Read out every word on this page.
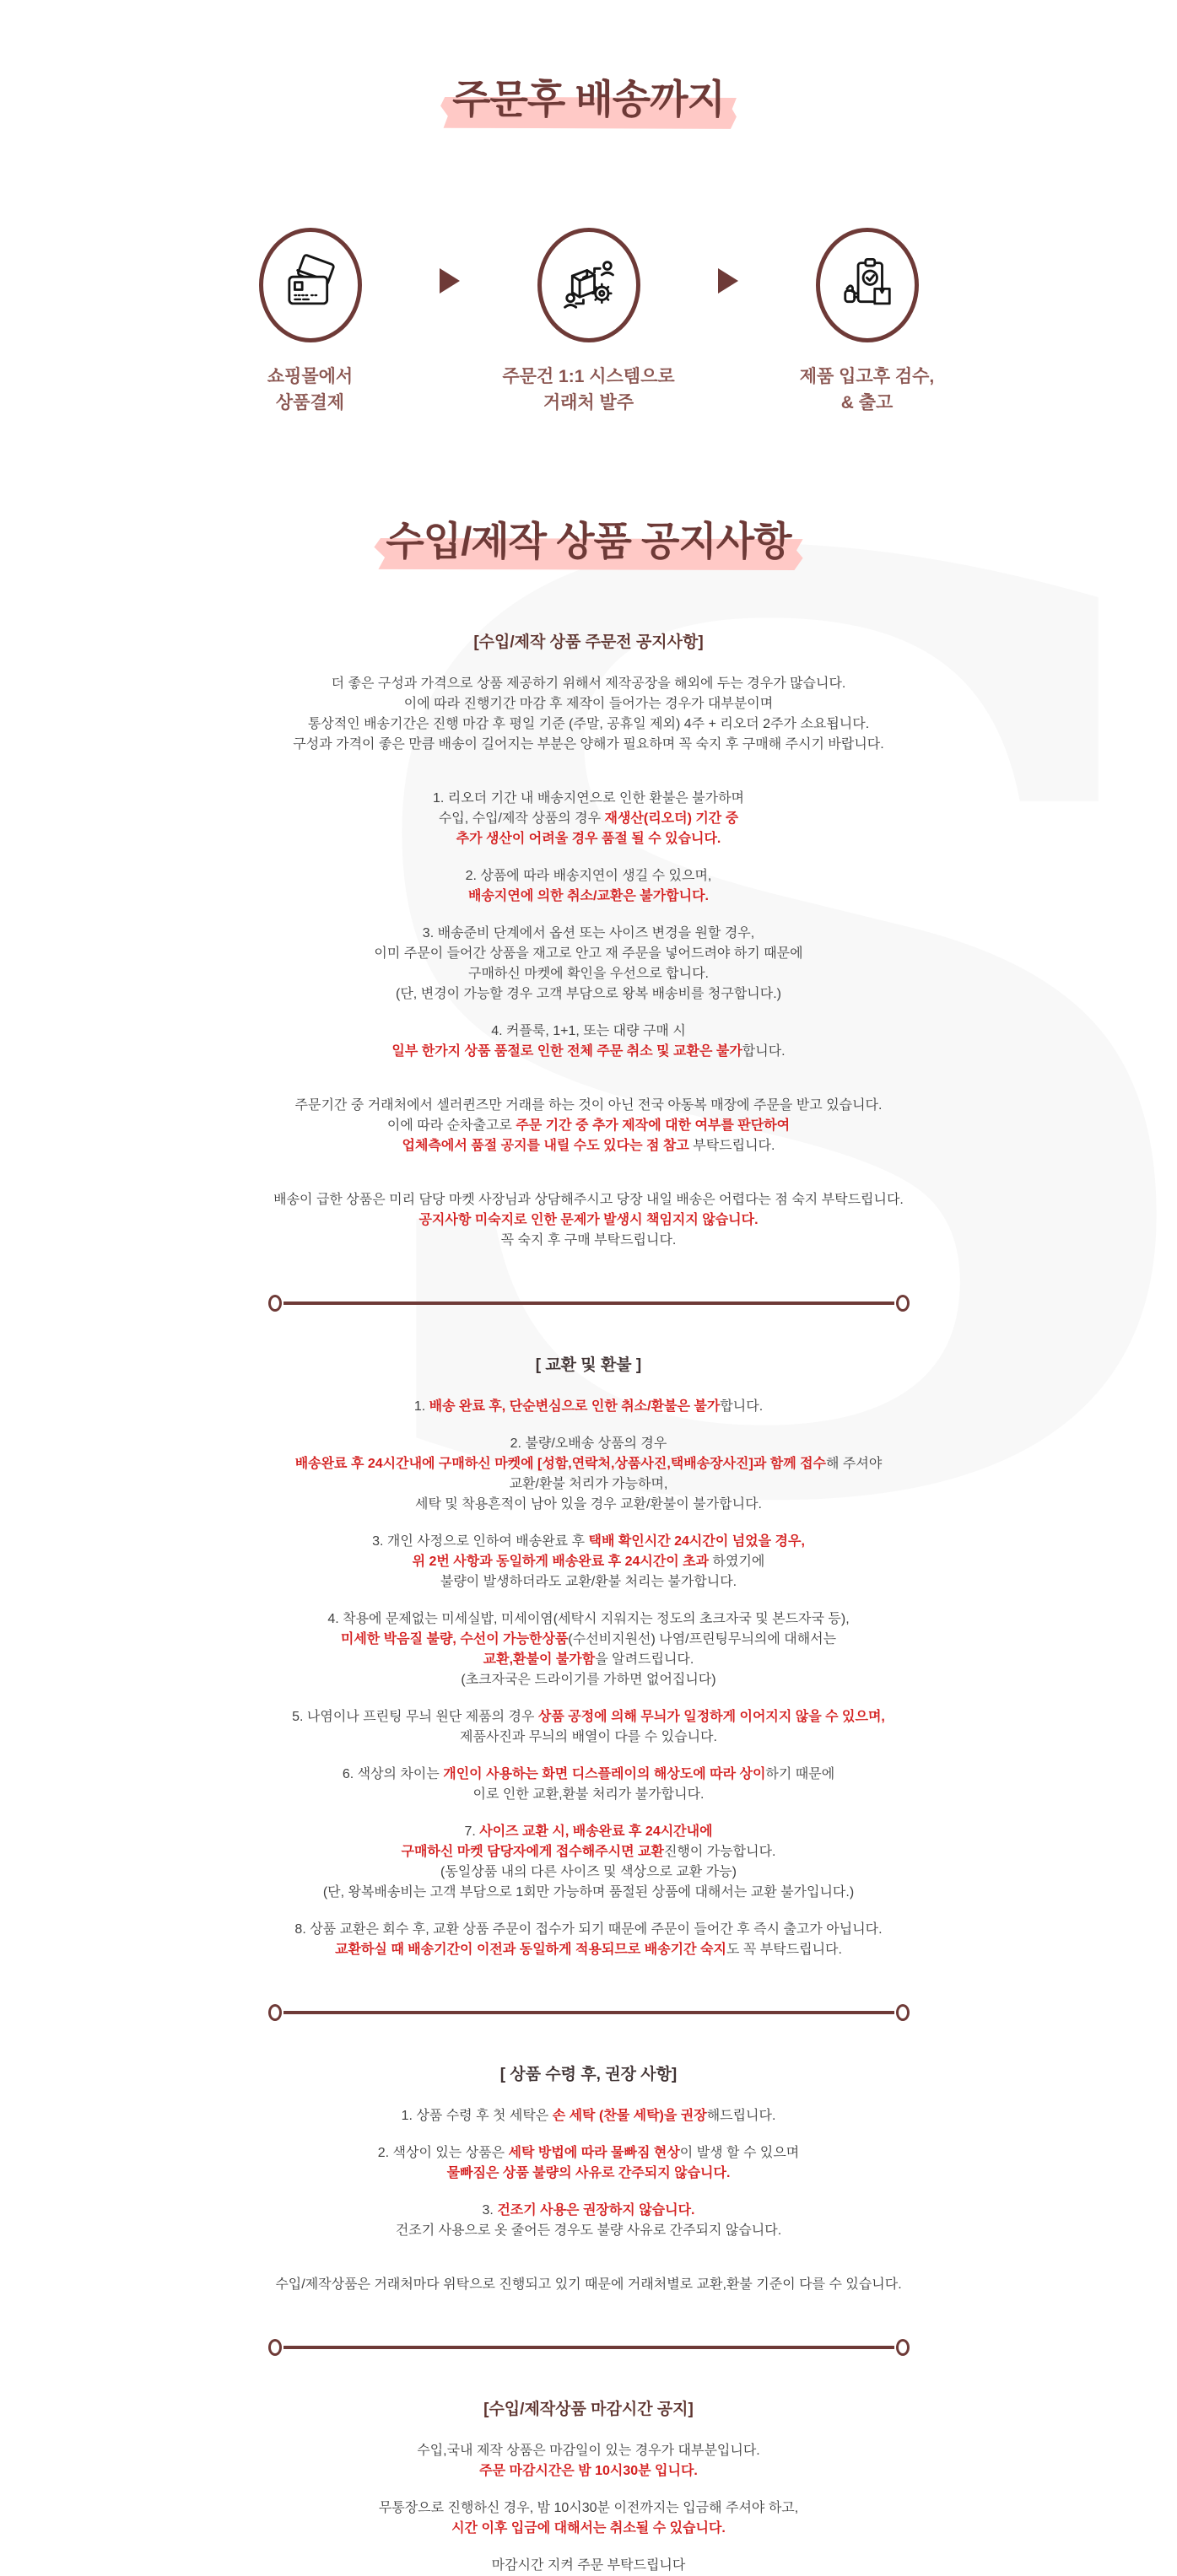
주문후 배송까지
쇼핑몰에서
상품결제
주문건 1:1 시스템으로
거래처 발주
제품 입고후 검수,
& 출고
수입/제작 상품 공지사항
[수입/제작 상품 주문전 공지사항]

더 좋은 구성과 가격으로 상품 제공하기 위해서 제작공장을 해외에 두는 경우가 많습니다.
이에 따라 진행기간 마감 후 제작이 들어가는 경우가 대부분이며
통상적인 배송기간은 진행 마감 후 평일 기준 (주말, 공휴일 제외) 4주 + 리오더 2주가 소요됩니다.
구성과 가격이 좋은 만큼 배송이 길어지는 부분은 양해가 필요하며 꼭 숙지 후 구매해 주시기 바랍니다.

1. 리오더 기간 내 배송지연으로 인한 환불은 불가하며
수입, 수입/제작 상품의 경우 재생산(리오더) 기간 중
추가 생산이 어려울 경우 품절 될 수 있습니다.

2. 상품에 따라 배송지연이 생길 수 있으며,
배송지연에 의한 취소/교환은 불가합니다.

3. 배송준비 단계에서 옵션 또는 사이즈 변경을 원할 경우,
이미 주문이 들어간 상품을 재고로 안고 재 주문을 넣어드려야 하기 때문에
구매하신 마켓에 확인을 우선으로 합니다.
(단, 변경이 가능할 경우 고객 부담으로 왕복 배송비를 청구합니다.)

4. 커플룩, 1+1, 또는 대량 구매 시
일부 한가지 상품 품절로 인한 전체 주문 취소 및 교환은 불가합니다.

주문기간 중 거래처에서 셀러퀸즈만 거래를 하는 것이 아닌 전국 아동복 매장에 주문을 받고 있습니다.
이에 따라 순차출고로 주문 기간 중 추가 제작에 대한 여부를 판단하여
업체측에서 품절 공지를 내릴 수도 있다는 점 참고 부탁드립니다.

배송이 급한 상품은 미리 담당 마켓 사장님과 상담해주시고 당장 내일 배송은 어렵다는 점 숙지 부탁드립니다.
공지사항 미숙지로 인한 문제가 발생시 책임지지 않습니다.
꼭 숙지 후 구매 부탁드립니다.

[ 교환 및 환불 ]

1. 배송 완료 후, 단순변심으로 인한 취소/환불은 불가합니다.

2. 불량/오배송 상품의 경우
배송완료 후 24시간내에 구매하신 마켓에 [성함,연락처,상품사진,택배송장사진]과 함께 접수해 주셔야
교환/환불 처리가 가능하며,
세탁 및 착용흔적이 남아 있을 경우 교환/환불이 불가합니다.

3. 개인 사정으로 인하여 배송완료 후 택배 확인시간 24시간이 넘었을 경우,
위 2번 사항과 동일하게 배송완료 후 24시간이 초과 하였기에
불량이 발생하더라도 교환/환불 처리는 불가합니다.

4. 착용에 문제없는 미세실밥, 미세이염(세탁시 지워지는 정도의 초크자국 및 본드자국 등),
미세한 박음질 불량, 수선이 가능한상품(수선비지원선) 나염/프린팅무늬의에 대해서는
교환,환불이 불가함을 알려드립니다.
(초크자국은 드라이기를 가하면 없어집니다)

5. 나염이나 프린팅 무늬 원단 제품의 경우 상품 공정에 의해 무늬가 일정하게 이어지지 않을 수 있으며,
제품사진과 무늬의 배열이 다를 수 있습니다.

6. 색상의 차이는 개인이 사용하는 화면 디스플레이의 해상도에 따라 상이하기 때문에
이로 인한 교환,환불 처리가 불가합니다.

7. 사이즈 교환 시, 배송완료 후 24시간내에
구매하신 마켓 담당자에게 접수해주시면 교환진행이 가능합니다.
(동일상품 내의 다른 사이즈 및 색상으로 교환 가능)
(단, 왕복배송비는 고객 부담으로 1회만 가능하며 품절된 상품에 대해서는 교환 불가입니다.)

8. 상품 교환은 회수 후, 교환 상품 주문이 접수가 되기 때문에 주문이 들어간 후 즉시 출고가 아닙니다.
교환하실 때 배송기간이 이전과 동일하게 적용되므로 배송기간 숙지도 꼭 부탁드립니다.

[ 상품 수령 후, 권장 사항]

1. 상품 수령 후 첫 세탁은 손 세탁 (찬물 세탁)을 권장해드립니다.

2. 색상이 있는 상품은 세탁 방법에 따라 물빠짐 현상이 발생 할 수 있으며
물빠짐은 상품 불량의 사유로 간주되지 않습니다.

3. 건조기 사용은 권장하지 않습니다.
건조기 사용으로 옷 줄어든 경우도 불량 사유로 간주되지 않습니다.

수입/제작상품은 거래처마다 위탁으로 진행되고 있기 때문에 거래처별로 교환,환불 기준이 다를 수 있습니다.

[수입/제작상품 마감시간 공지]

수입,국내 제작 상품은 마감일이 있는 경우가 대부분입니다.
주문 마감시간은 밤 10시30분 입니다.

무통장으로 진행하신 경우, 밤 10시30분 이전까지는 입금해 주셔야 하고,
시간 이후 입금에 대해서는 취소될 수 있습니다.

마감시간 지켜 주문 부탁드립니다
